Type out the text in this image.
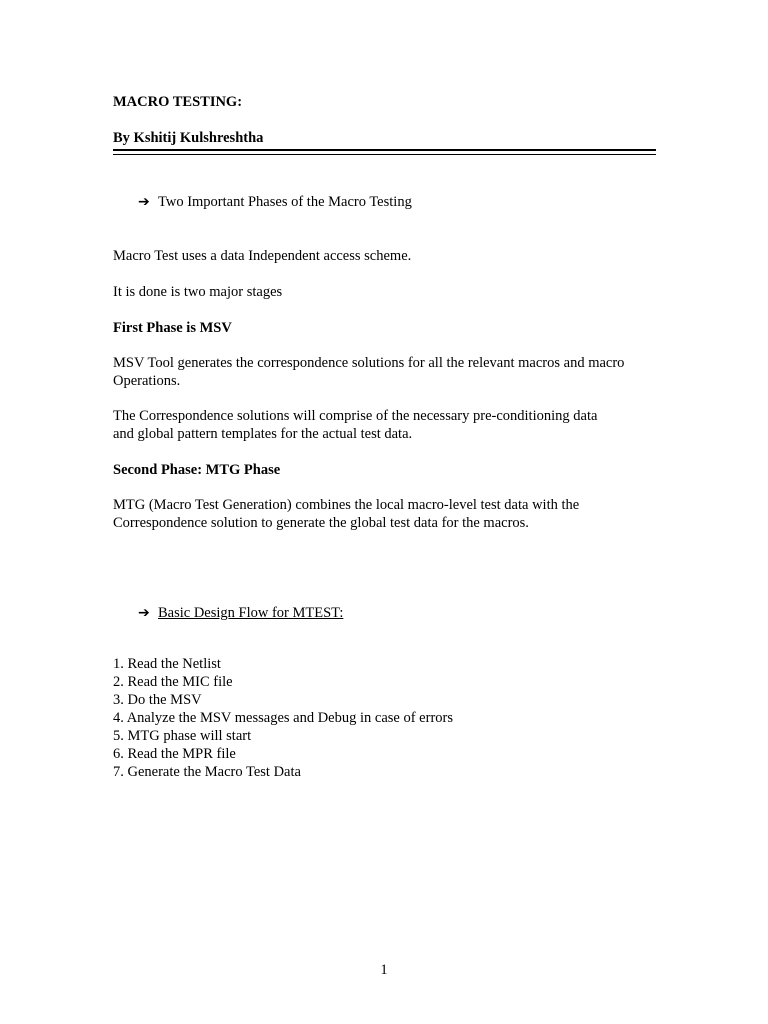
MACRO TESTING:

By Kshitij Kulshreshtha

➔ Two Important Phases of the Macro Testing

Macro Test uses a data Independent access scheme.

It is done is two major stages

First Phase is MSV

MSV Tool generates the correspondence solutions for all the relevant macros and macro

Operations.

The Correspondence solutions will comprise of the necessary pre-conditioning data

and global pattern templates for the actual test data.

Second Phase: MTG Phase

MTG (Macro Test Generation) combines the local macro-level test data with the

Correspondence solution to generate the global test data for the macros.

➔ Basic Design Flow for MTEST:
1. Read the Netlist
2. Read the MIC file
3. Do the MSV
4. Analyze the MSV messages and Debug in case of errors
5. MTG phase will start
6. Read the MPR file
7. Generate the Macro Test Data
1
